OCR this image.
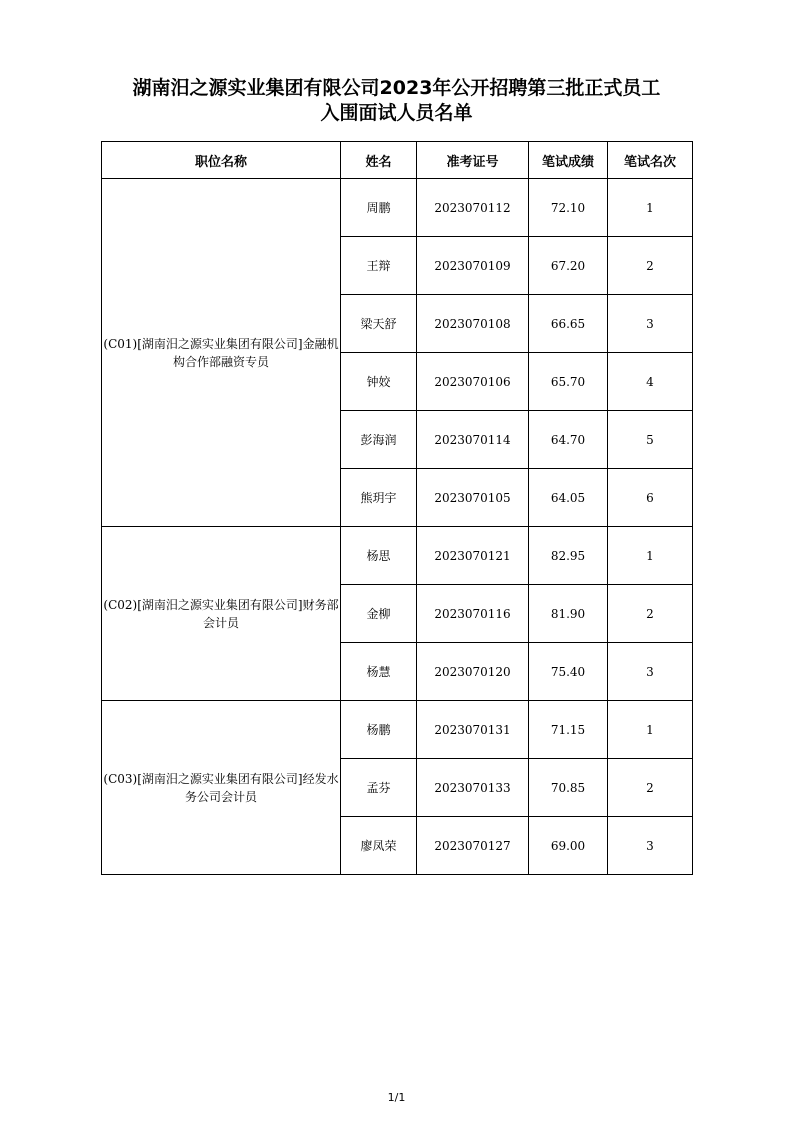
湖南汨之源实业集团有限公司2023年公开招聘第三批正式员工
入围面试人员名单
职位名称	姓名	准考证号	笔试成绩	笔试名次
(C01)[湖南汨之源实业集团有限公司]金融机构合作部融资专员	周鹏	2023070112	72.10	1
	王辩	2023070109	67.20	2
	梁天舒	2023070108	66.65	3
	钟姣	2023070106	65.70	4
	彭海润	2023070114	64.70	5
	熊玥宇	2023070105	64.05	6
(C02)[湖南汨之源实业集团有限公司]财务部 会计员	杨思	2023070121	82.95	1
	金柳	2023070116	81.90	2
	杨慧	2023070120	75.40	3
(C03)[湖南汨之源实业集团有限公司]经发水务公司会计员	杨鹏	2023070131	71.15	1
	孟芬	2023070133	70.85	2
	廖凤荣	2023070127	69.00	3
1/1
